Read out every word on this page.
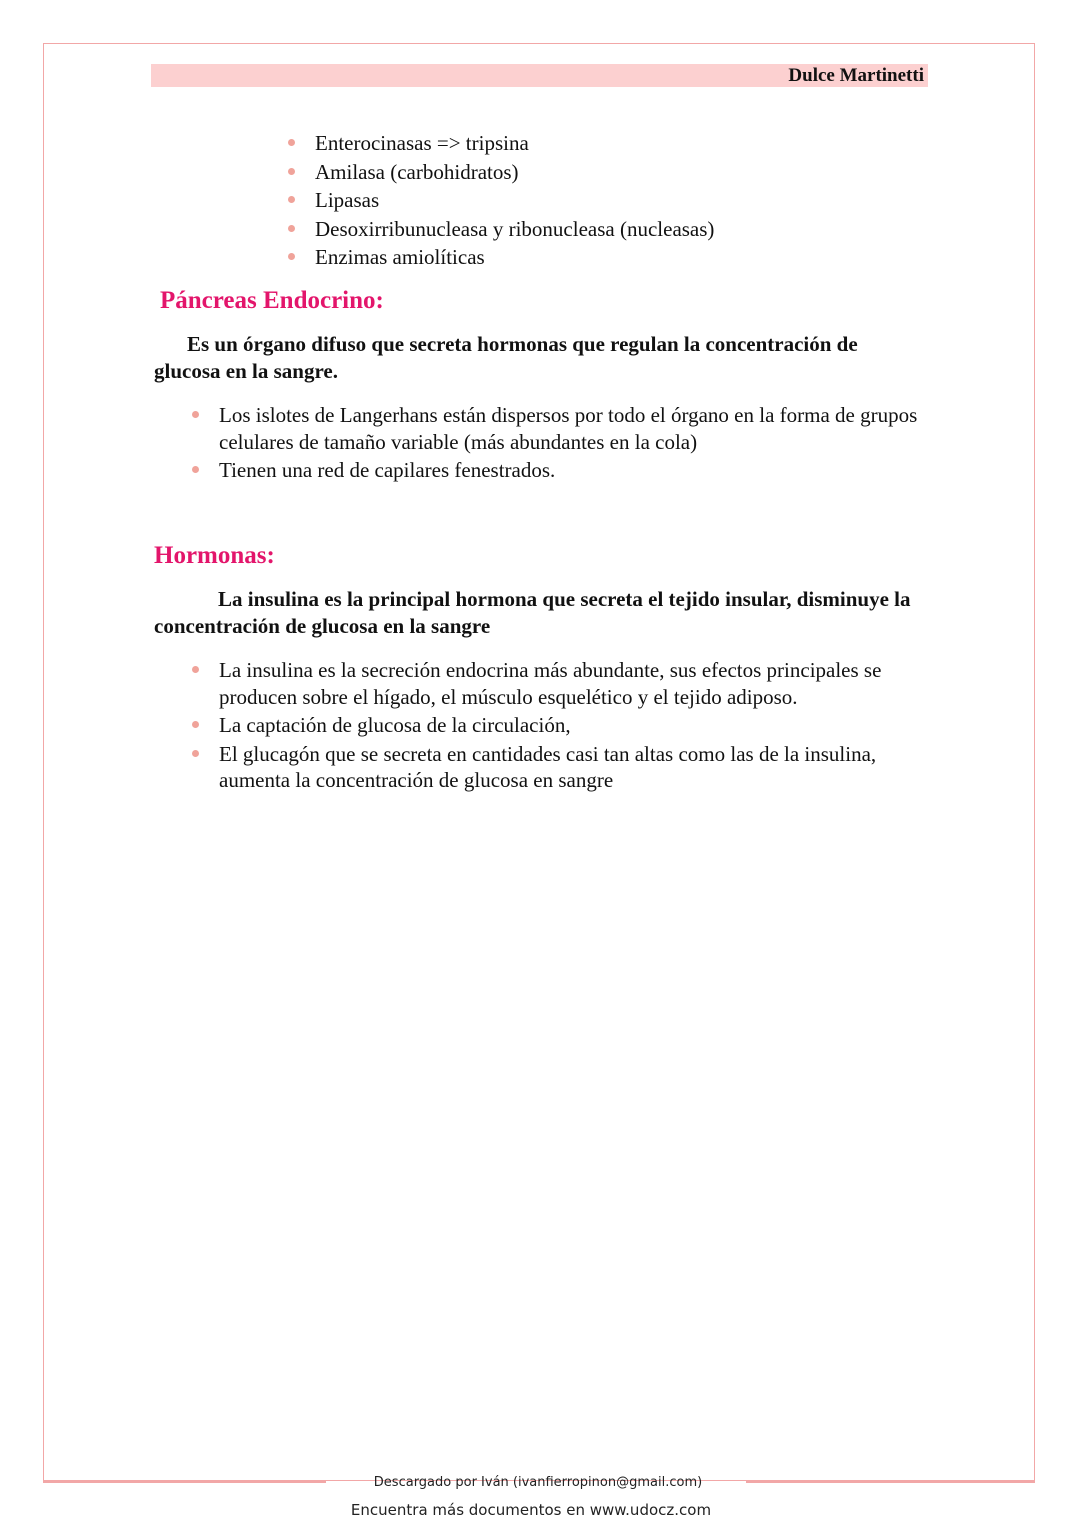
Dulce Martinetti
Enterocinasas => tripsina
Amilasa (carbohidratos)
Lipasas
Desoxirribunucleasa y ribonucleasa (nucleasas)
Enzimas amiolíticas
Páncreas Endocrino:
Es un órgano difuso que secreta hormonas que regulan la concentración de glucosa en la sangre.
Los islotes de Langerhans están dispersos por todo el órgano en la forma de grupos celulares de tamaño variable (más abundantes en la cola)
Tienen una red de capilares fenestrados.
Hormonas:
La insulina es la principal hormona que secreta el tejido insular, disminuye la concentración de glucosa en la sangre
La insulina es la secreción endocrina más abundante, sus efectos principales se producen sobre el hígado, el músculo esquelético y el tejido adiposo.
La captación de glucosa de la circulación,
El glucagón que se secreta en cantidades casi tan altas como las de la insulina, aumenta la concentración de glucosa en sangre
Descargado por Iván (ivanfierropinon@gmail.com)
Encuentra más documentos en www.udocz.com
